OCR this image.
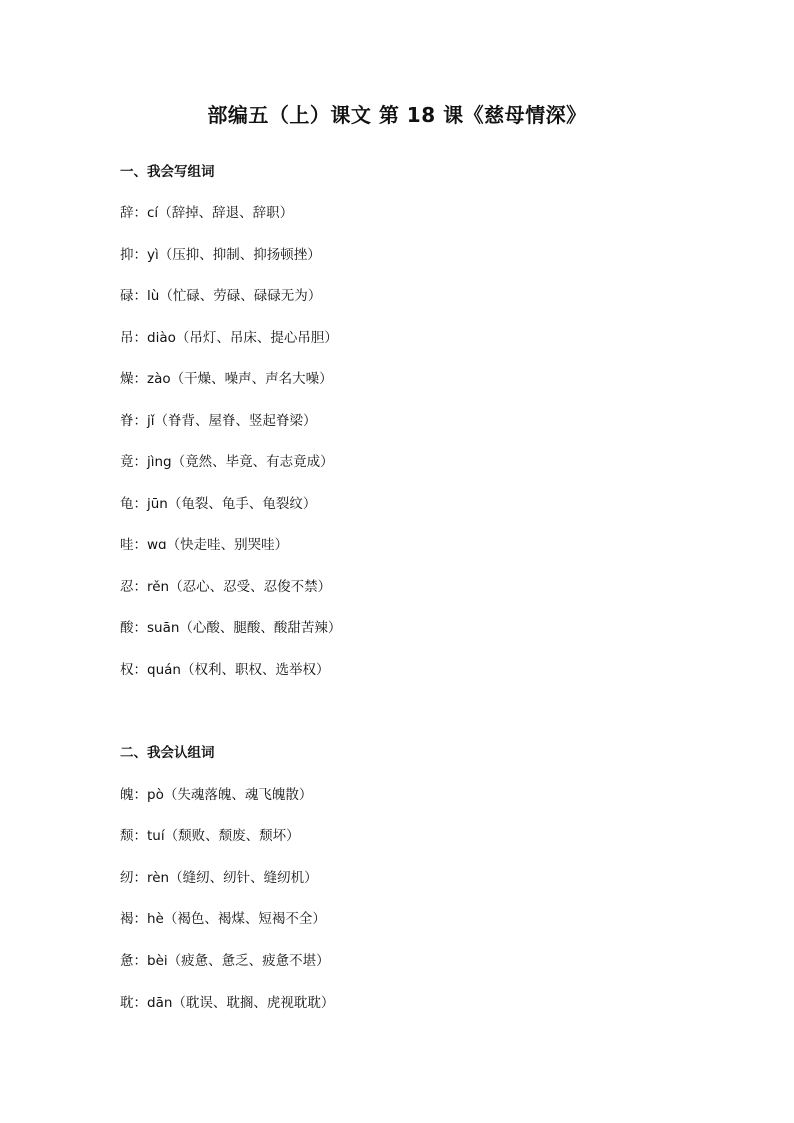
部编五（上）课文 第 18 课《慈母情深》
一、我会写组词
辞：cí（辞掉、辞退、辞职）
抑：yì（压抑、抑制、抑扬顿挫）
碌：lù（忙碌、劳碌、碌碌无为）
吊：diào（吊灯、吊床、提心吊胆）
燥：zào（干燥、噪声、声名大噪）
脊：jǐ（脊背、屋脊、竖起脊梁）
竟：jìng（竟然、毕竟、有志竟成）
龟：jūn（龟裂、龟手、龟裂纹）
哇：wɑ（快走哇、别哭哇）
忍：rěn（忍心、忍受、忍俊不禁）
酸：suān（心酸、腿酸、酸甜苦辣）
权：quán（权利、职权、选举权）
二、我会认组词
魄：pò（失魂落魄、魂飞魄散）
颓：tuí（颓败、颓废、颓坏）
纫：rèn（缝纫、纫针、缝纫机）
褐：hè（褐色、褐煤、短褐不全）
惫：bèi（疲惫、惫乏、疲惫不堪）
耽：dān（耽误、耽搁、虎视耽耽）
